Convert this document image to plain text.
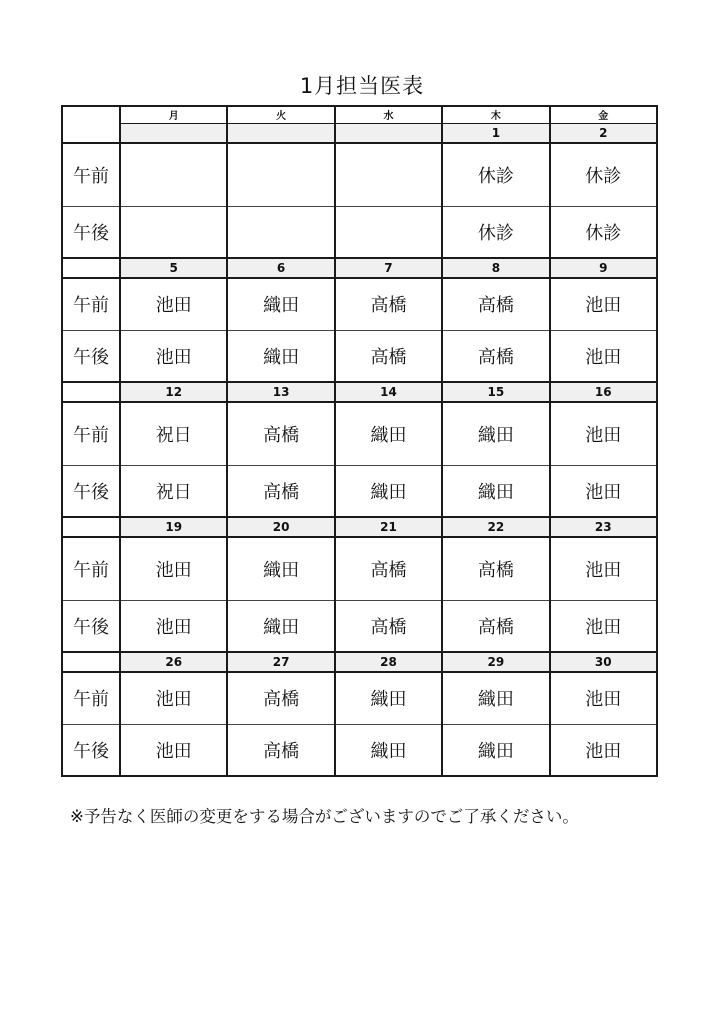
1月担当医表
	月	火	水	木	金
				1	2
午前				休診	休診
午後				休診	休診
	5	6	7	8	9
午前	池田	織田	高橋	高橋	池田
午後	池田	織田	高橋	高橋	池田
	12	13	14	15	16
午前	祝日	高橋	織田	織田	池田
午後	祝日	高橋	織田	織田	池田
	19	20	21	22	23
午前	池田	織田	高橋	高橋	池田
午後	池田	織田	高橋	高橋	池田
	26	27	28	29	30
午前	池田	高橋	織田	織田	池田
午後	池田	高橋	織田	織田	池田
※予告なく医師の変更をする場合がございますのでご了承ください。
